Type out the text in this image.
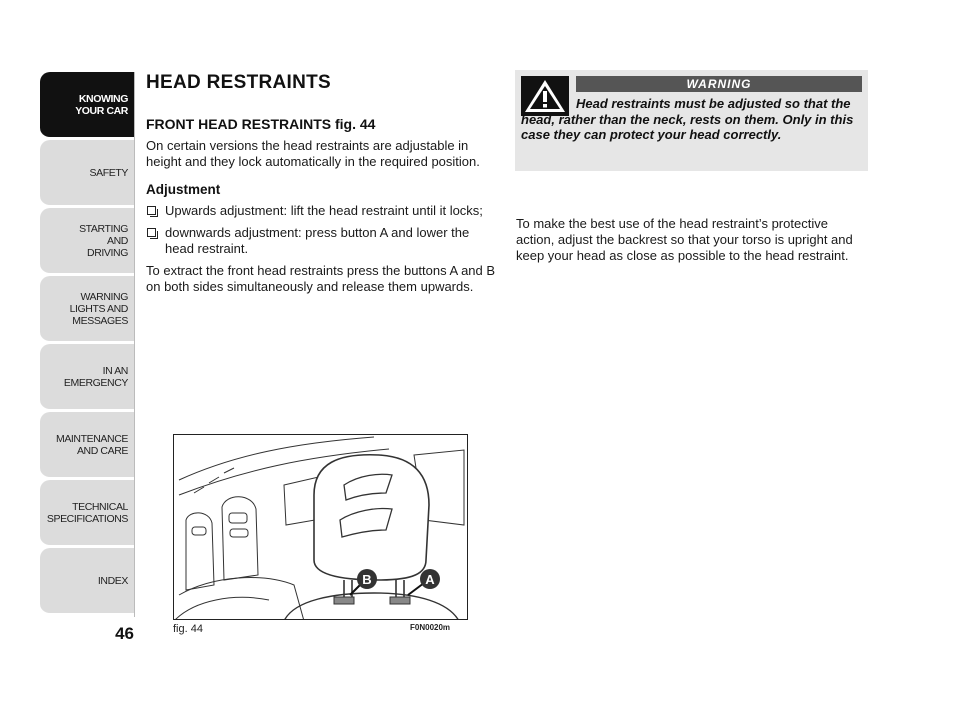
KNOWING
YOUR CAR
SAFETY
STARTING
AND
DRIVING
WARNING
LIGHTS AND
MESSAGES
IN AN
EMERGENCY
MAINTENANCE
AND CARE
TECHNICAL
SPECIFICATIONS
INDEX
46
HEAD RESTRAINTS
FRONT HEAD RESTRAINTS fig. 44
On certain versions the head restraints are adjustable in height and they lock automatically in the required position.
Adjustment
Upwards adjustment: lift the head restraint until it locks;
downwards adjustment: press button A and lower the head restraint.
To extract the front head restraints press the buttons A and B on both sides simultaneously and release them upwards.
WARNING
Head restraints must be adjusted so that the head, rather than the neck, rests on them. Only in this case they can protect your head correctly.
To make the best use of the head restraint’s protective action, adjust the backrest so that your torso is upright and keep your head as close as possible to the head restraint.
B	A
fig. 44	F0N0020m
